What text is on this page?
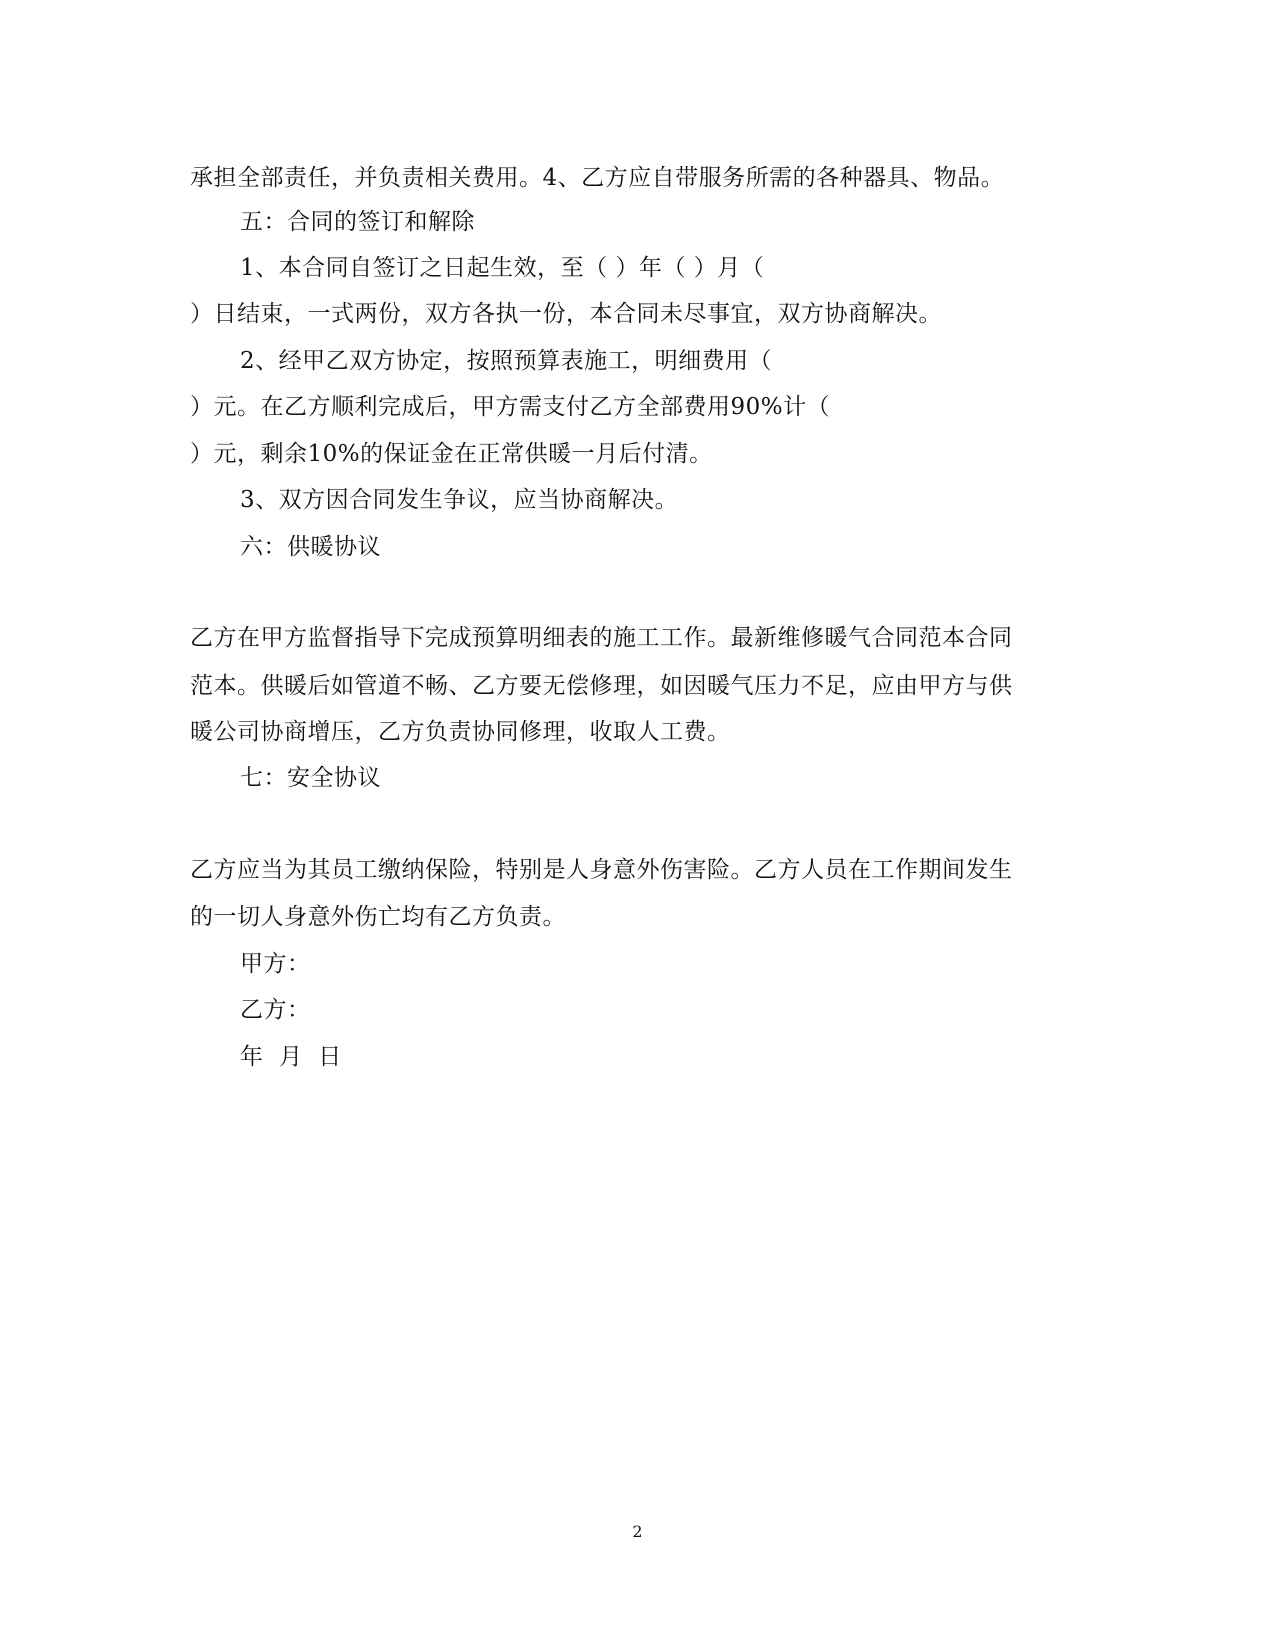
承担全部责任，并负责相关费用。4、乙方应自带服务所需的各种器具、物品。
五：合同的签订和解除
1、本合同自签订之日起生效，至（ ）年（ ）月（
）日结束，一式两份，双方各执一份，本合同未尽事宜，双方协商解决。
2、经甲乙双方协定，按照预算表施工，明细费用（
）元。在乙方顺利完成后，甲方需支付乙方全部费用90%计（
）元，剩余10%的保证金在正常供暖一月后付清。
3、双方因合同发生争议，应当协商解决。
六：供暖协议
乙方在甲方监督指导下完成预算明细表的施工工作。最新维修暖气合同范本合同
范本。供暖后如管道不畅、乙方要无偿修理，如因暖气压力不足，应由甲方与供
暖公司协商增压，乙方负责协同修理，收取人工费。
七：安全协议
乙方应当为其员工缴纳保险，特别是人身意外伤害险。乙方人员在工作期间发生
的一切人身意外伤亡均有乙方负责。
甲方：
乙方：
年  月  日
2
